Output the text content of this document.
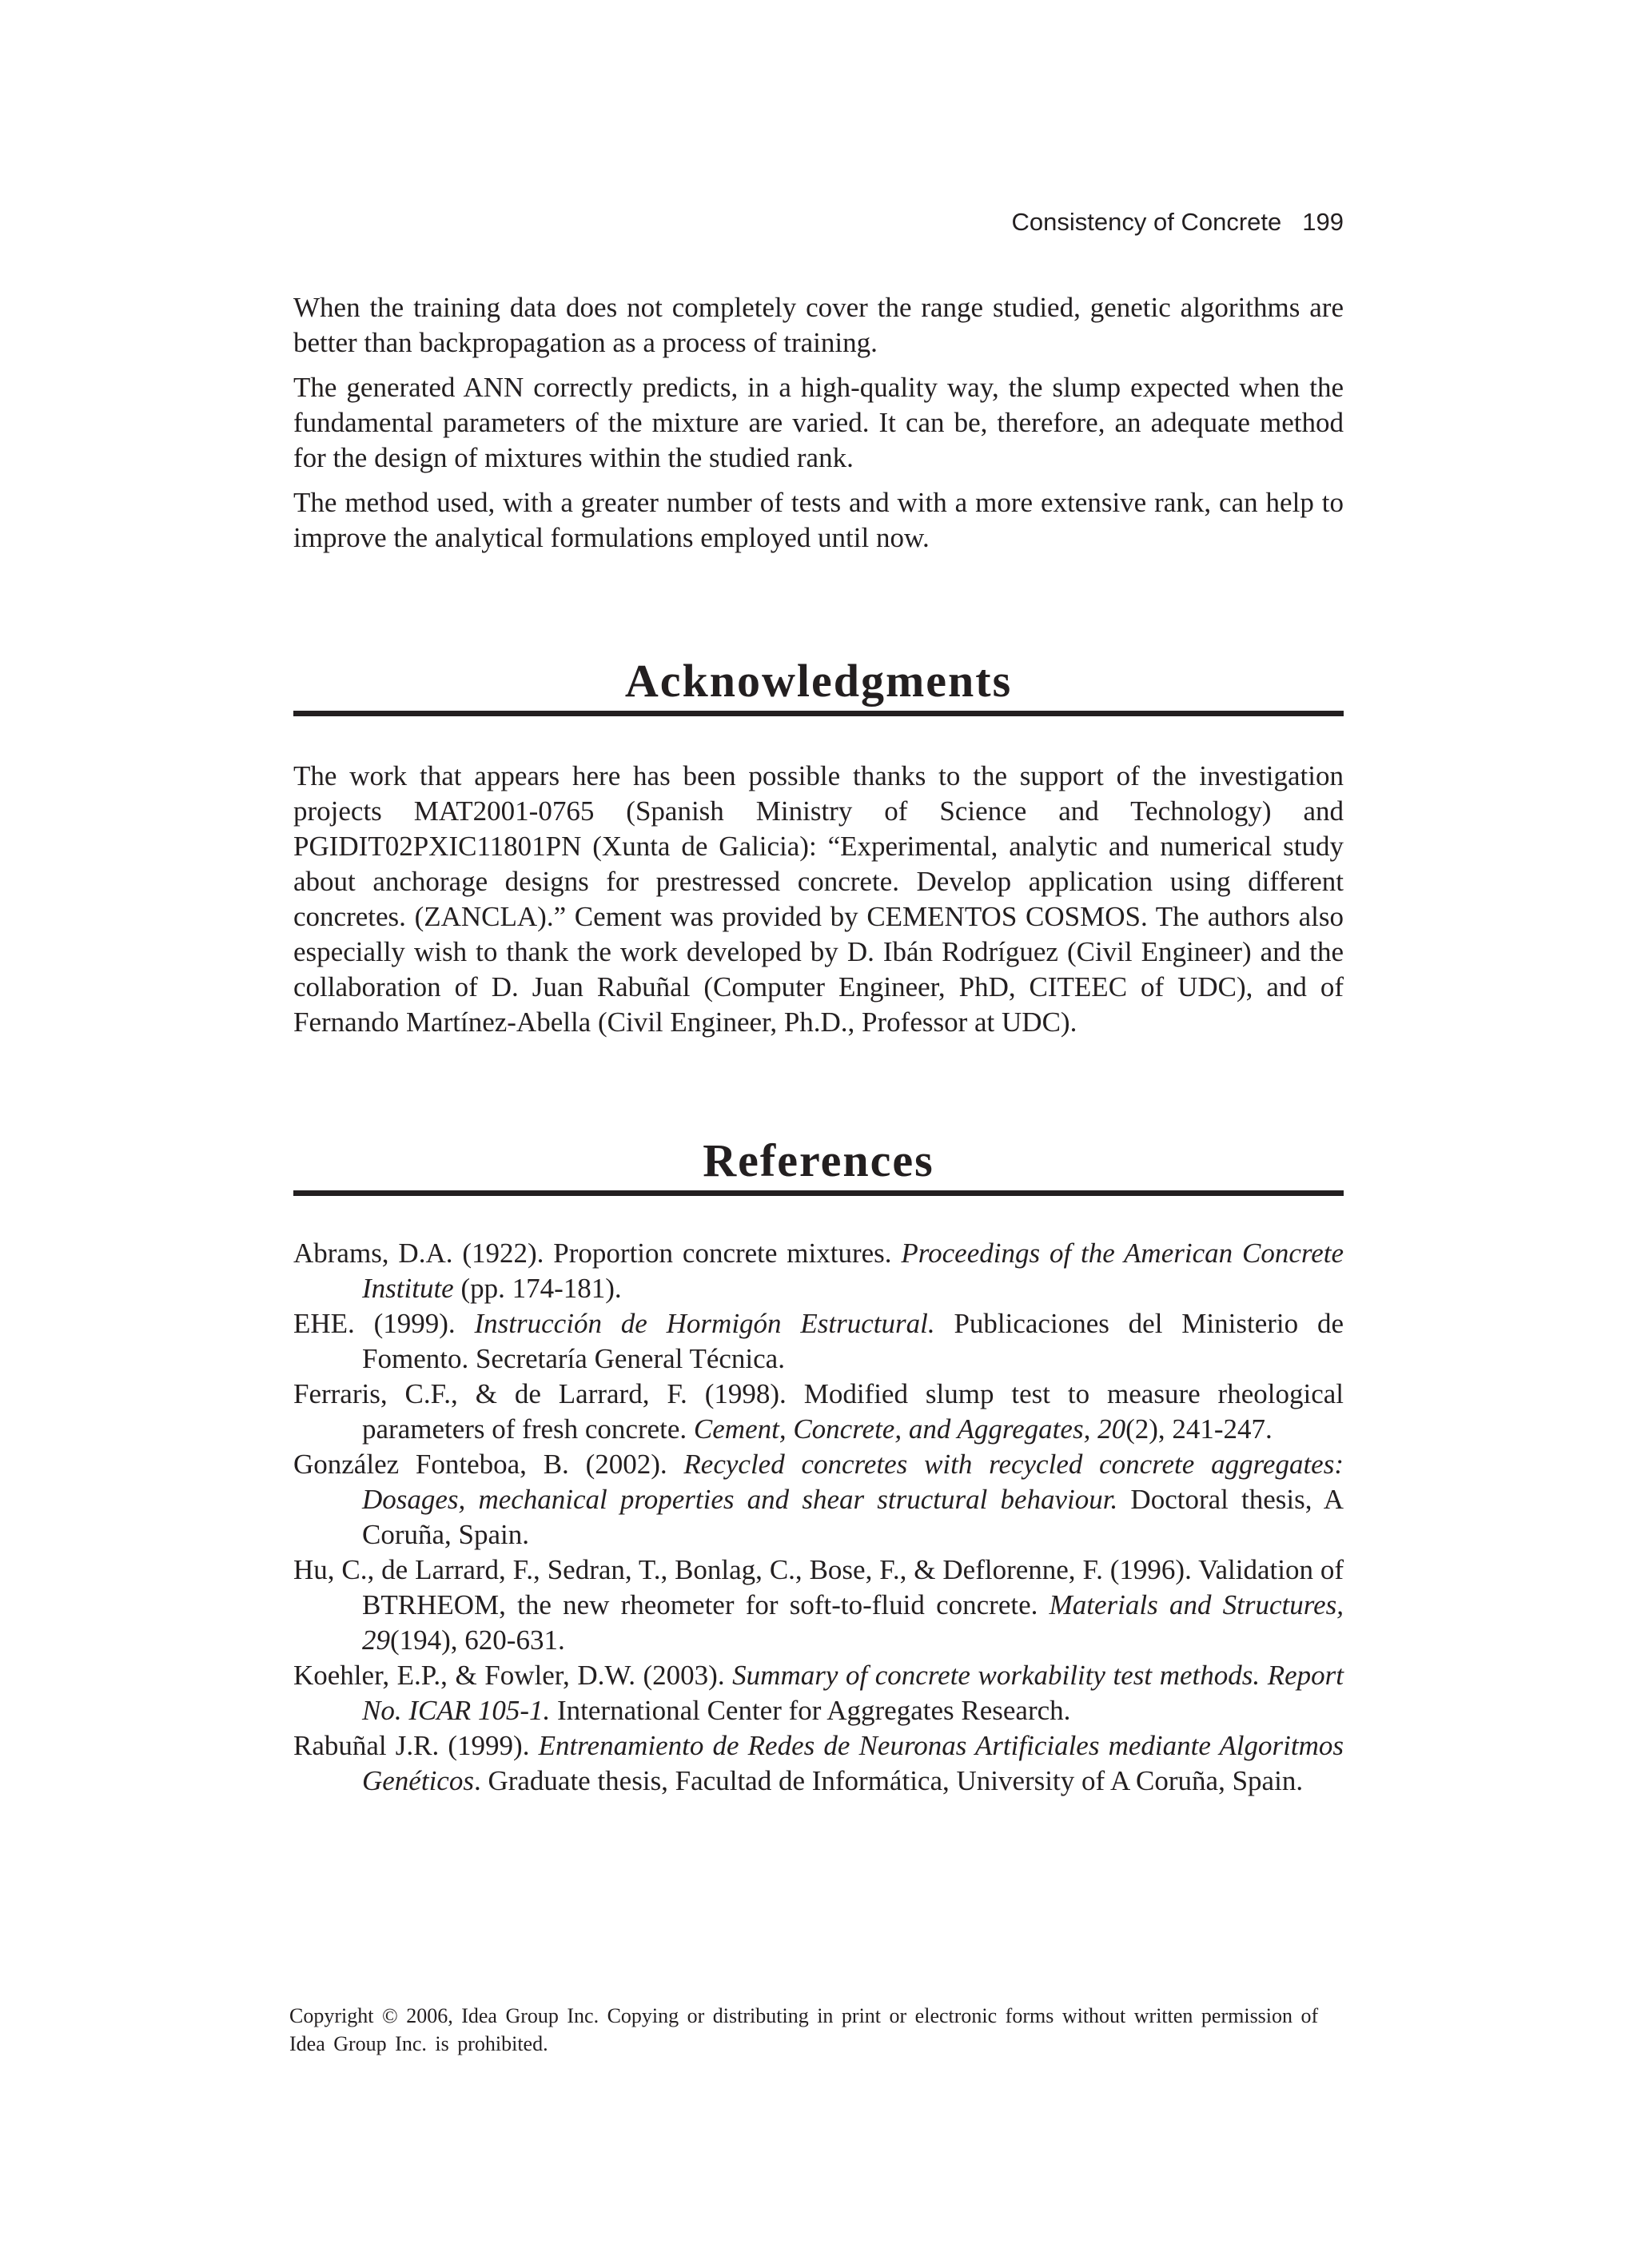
Consistency of Concrete 199

When the training data does not completely cover the range studied, genetic algorithms are better than backpropagation as a process of training.

The generated ANN correctly predicts, in a high-quality way, the slump expected when the fundamental parameters of the mixture are varied. It can be, therefore, an adequate method for the design of mixtures within the studied rank.

The method used, with a greater number of tests and with a more extensive rank, can help to improve the analytical formulations employed until now.

Acknowledgments

The work that appears here has been possible thanks to the support of the investigation projects MAT2001-0765 (Spanish Ministry of Science and Technology) and PGIDIT02PXIC11801PN (Xunta de Galicia): “Experimental, analytic and numerical study about anchorage designs for prestressed concrete. Develop application using different concretes. (ZANCLA).” Cement was provided by CEMENTOS COSMOS. The authors also especially wish to thank the work developed by D. Ibán Rodríguez (Civil Engineer) and the collaboration of D. Juan Rabuñal (Computer Engineer, PhD, CITEEC of UDC), and of Fernando Martínez-Abella (Civil Engineer, Ph.D., Professor at UDC).

References

Abrams, D.A. (1922). Proportion concrete mixtures. Proceedings of the American Concrete Institute (pp. 174-181).

EHE. (1999). Instrucción de Hormigón Estructural. Publicaciones del Ministerio de Fomento. Secretaría General Técnica.

Ferraris, C.F., & de Larrard, F. (1998). Modified slump test to measure rheological parameters of fresh concrete. Cement, Concrete, and Aggregates, 20(2), 241-247.

González Fonteboa, B. (2002). Recycled concretes with recycled concrete aggregates: Dosages, mechanical properties and shear structural behaviour. Doctoral thesis, A Coruña, Spain.

Hu, C., de Larrard, F., Sedran, T., Bonlag, C., Bose, F., & Deflorenne, F. (1996). Validation of BTRHEOM, the new rheometer for soft-to-fluid concrete. Materials and Structures, 29(194), 620-631.

Koehler, E.P., & Fowler, D.W. (2003). Summary of concrete workability test methods. Report No. ICAR 105-1. International Center for Aggregates Research.

Rabuñal J.R. (1999). Entrenamiento de Redes de Neuronas Artificiales mediante Algoritmos Genéticos. Graduate thesis, Facultad de Informática, University of A Coruña, Spain.

Copyright © 2006, Idea Group Inc. Copying or distributing in print or electronic forms without written permission of Idea Group Inc. is prohibited.
